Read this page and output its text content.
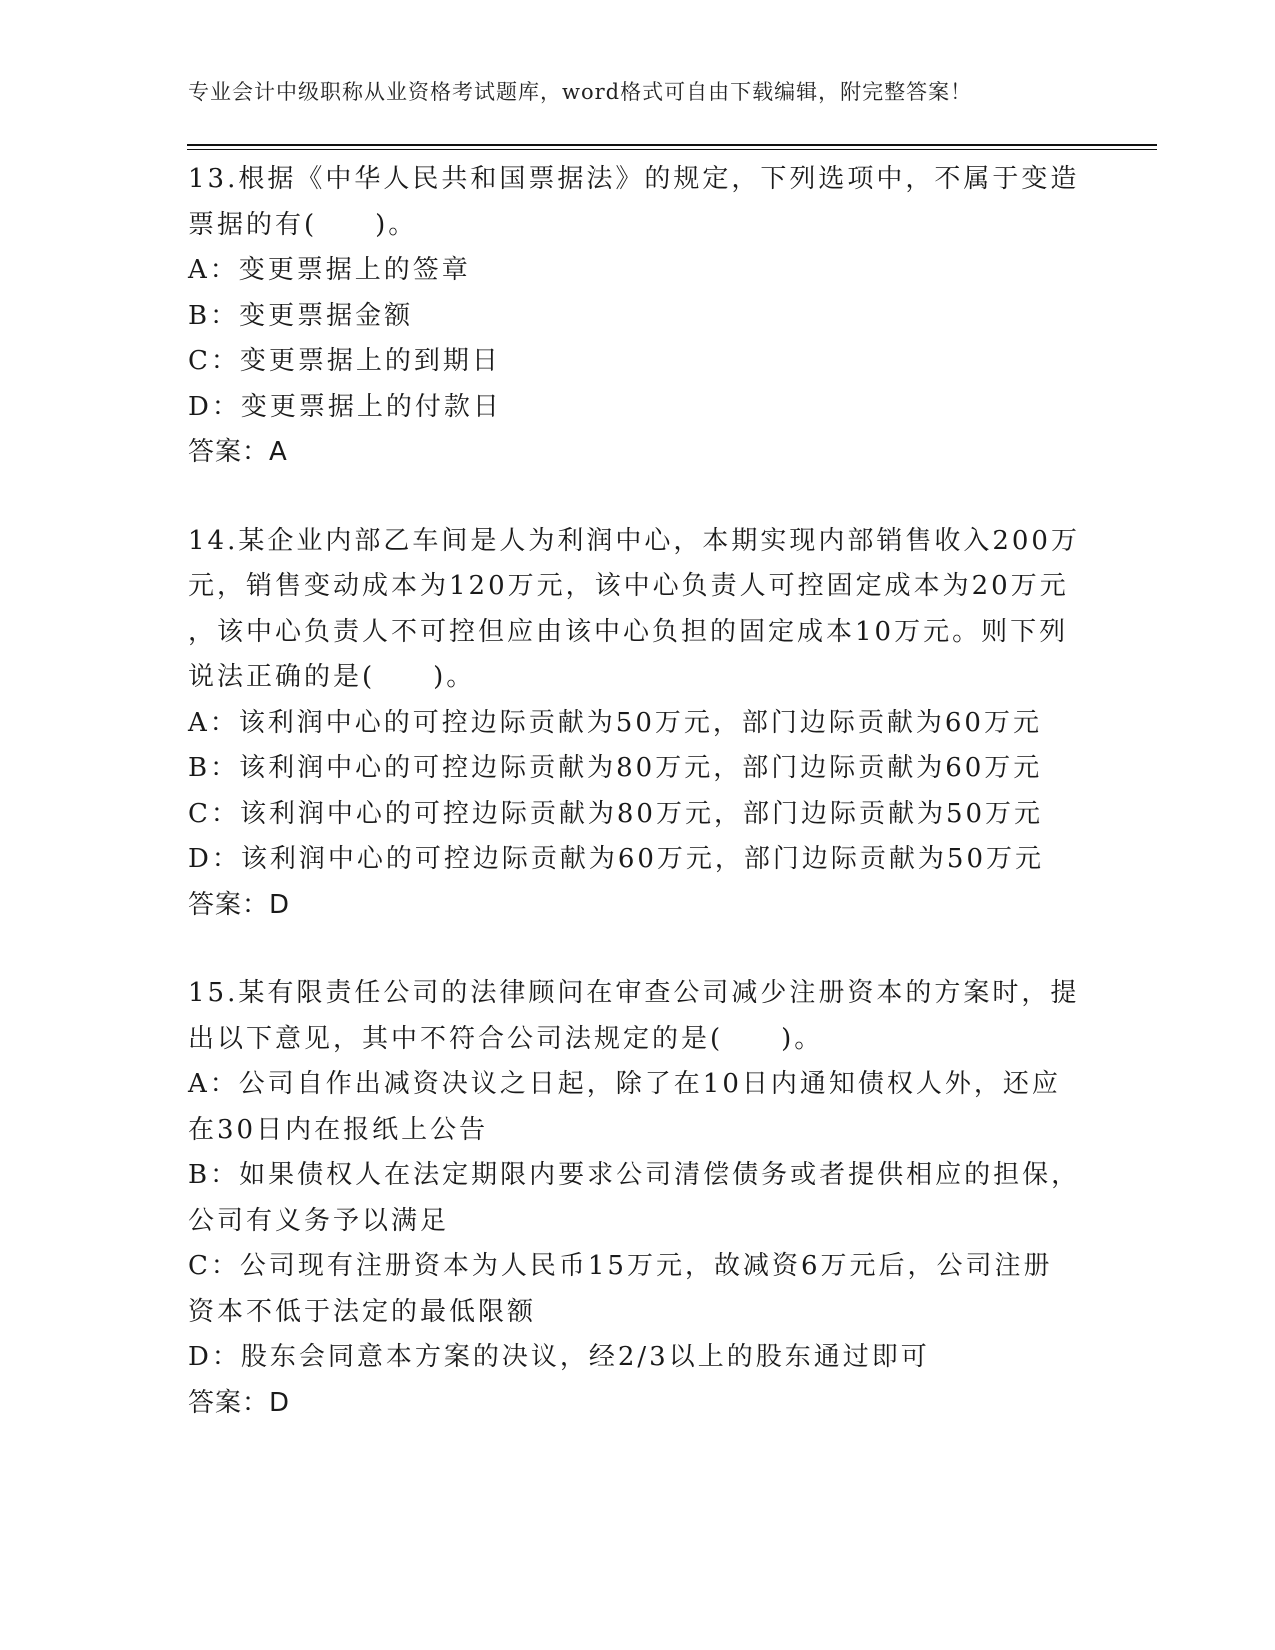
专业会计中级职称从业资格考试题库，word格式可自由下载编辑，附完整答案！
13.根据《中华人民共和国票据法》的规定，下列选项中，不属于变造
票据的有(　　)。
A：变更票据上的签章
B：变更票据金额
C：变更票据上的到期日
D：变更票据上的付款日
答案：A
14.某企业内部乙车间是人为利润中心，本期实现内部销售收入200万
元，销售变动成本为120万元，该中心负责人可控固定成本为20万元
，该中心负责人不可控但应由该中心负担的固定成本10万元。则下列
说法正确的是(　　)。
A：该利润中心的可控边际贡献为50万元，部门边际贡献为60万元
B：该利润中心的可控边际贡献为80万元，部门边际贡献为60万元
C：该利润中心的可控边际贡献为80万元，部门边际贡献为50万元
D：该利润中心的可控边际贡献为60万元，部门边际贡献为50万元
答案：D
15.某有限责任公司的法律顾问在审查公司减少注册资本的方案时，提
出以下意见，其中不符合公司法规定的是(　　)。
A：公司自作出减资决议之日起，除了在10日内通知债权人外，还应
在30日内在报纸上公告
B：如果债权人在法定期限内要求公司清偿债务或者提供相应的担保，
公司有义务予以满足
C：公司现有注册资本为人民币15万元，故减资6万元后，公司注册
资本不低于法定的最低限额
D：股东会同意本方案的决议，经2/3以上的股东通过即可
答案：D
